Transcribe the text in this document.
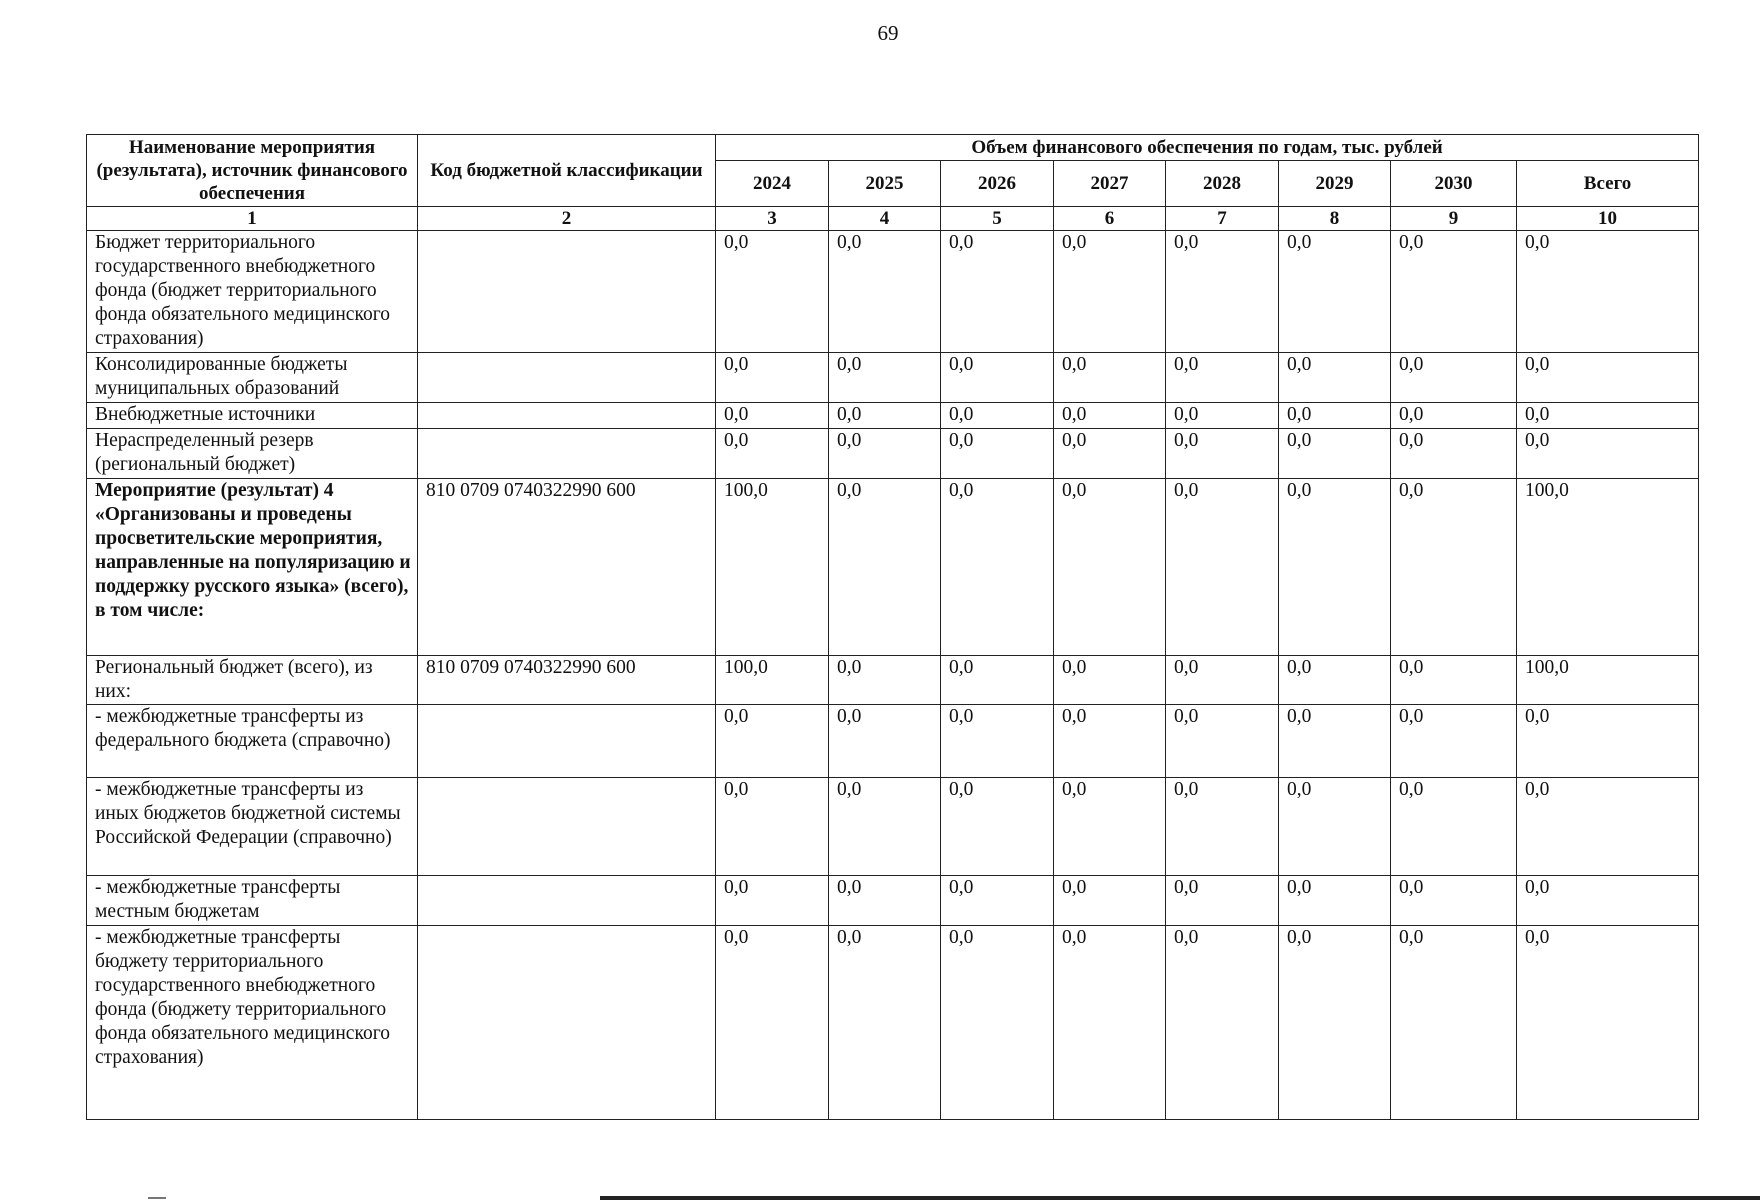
69
Наименование мероприятия (результата), источник финансового обеспечения	Код бюджетной классификации	Объем финансового обеспечения по годам, тыс. рублей							
		2024	2025	2026	2027	2028	2029	2030	Всего
1	2	3	4	5	6	7	8	9	10
Бюджет территориального государственного внебюджетного фонда (бюджет территориального фонда обязательного медицинского страхования)		0,0	0,0	0,0	0,0	0,0	0,0	0,0	0,0
Консолидированные бюджеты муниципальных образований		0,0	0,0	0,0	0,0	0,0	0,0	0,0	0,0
Внебюджетные источники		0,0	0,0	0,0	0,0	0,0	0,0	0,0	0,0
Нераспределенный резерв (региональный бюджет)		0,0	0,0	0,0	0,0	0,0	0,0	0,0	0,0
Мероприятие (результат) 4 «Организованы и проведены просветительские мероприятия, направленные на популяризацию и поддержку русского языка» (всего), в том числе:	810 0709 0740322990 600	100,0	0,0	0,0	0,0	0,0	0,0	0,0	100,0
Региональный бюджет (всего), из них:	810 0709 0740322990 600	100,0	0,0	0,0	0,0	0,0	0,0	0,0	100,0
- межбюджетные трансферты из федерального бюджета (справочно)		0,0	0,0	0,0	0,0	0,0	0,0	0,0	0,0
- межбюджетные трансферты из иных бюджетов бюджетной системы Российской Федерации (справочно)		0,0	0,0	0,0	0,0	0,0	0,0	0,0	0,0
- межбюджетные трансферты местным бюджетам		0,0	0,0	0,0	0,0	0,0	0,0	0,0	0,0
- межбюджетные трансферты бюджету территориального государственного внебюджетного фонда (бюджету территориального фонда обязательного медицинского страхования)		0,0	0,0	0,0	0,0	0,0	0,0	0,0	0,0
